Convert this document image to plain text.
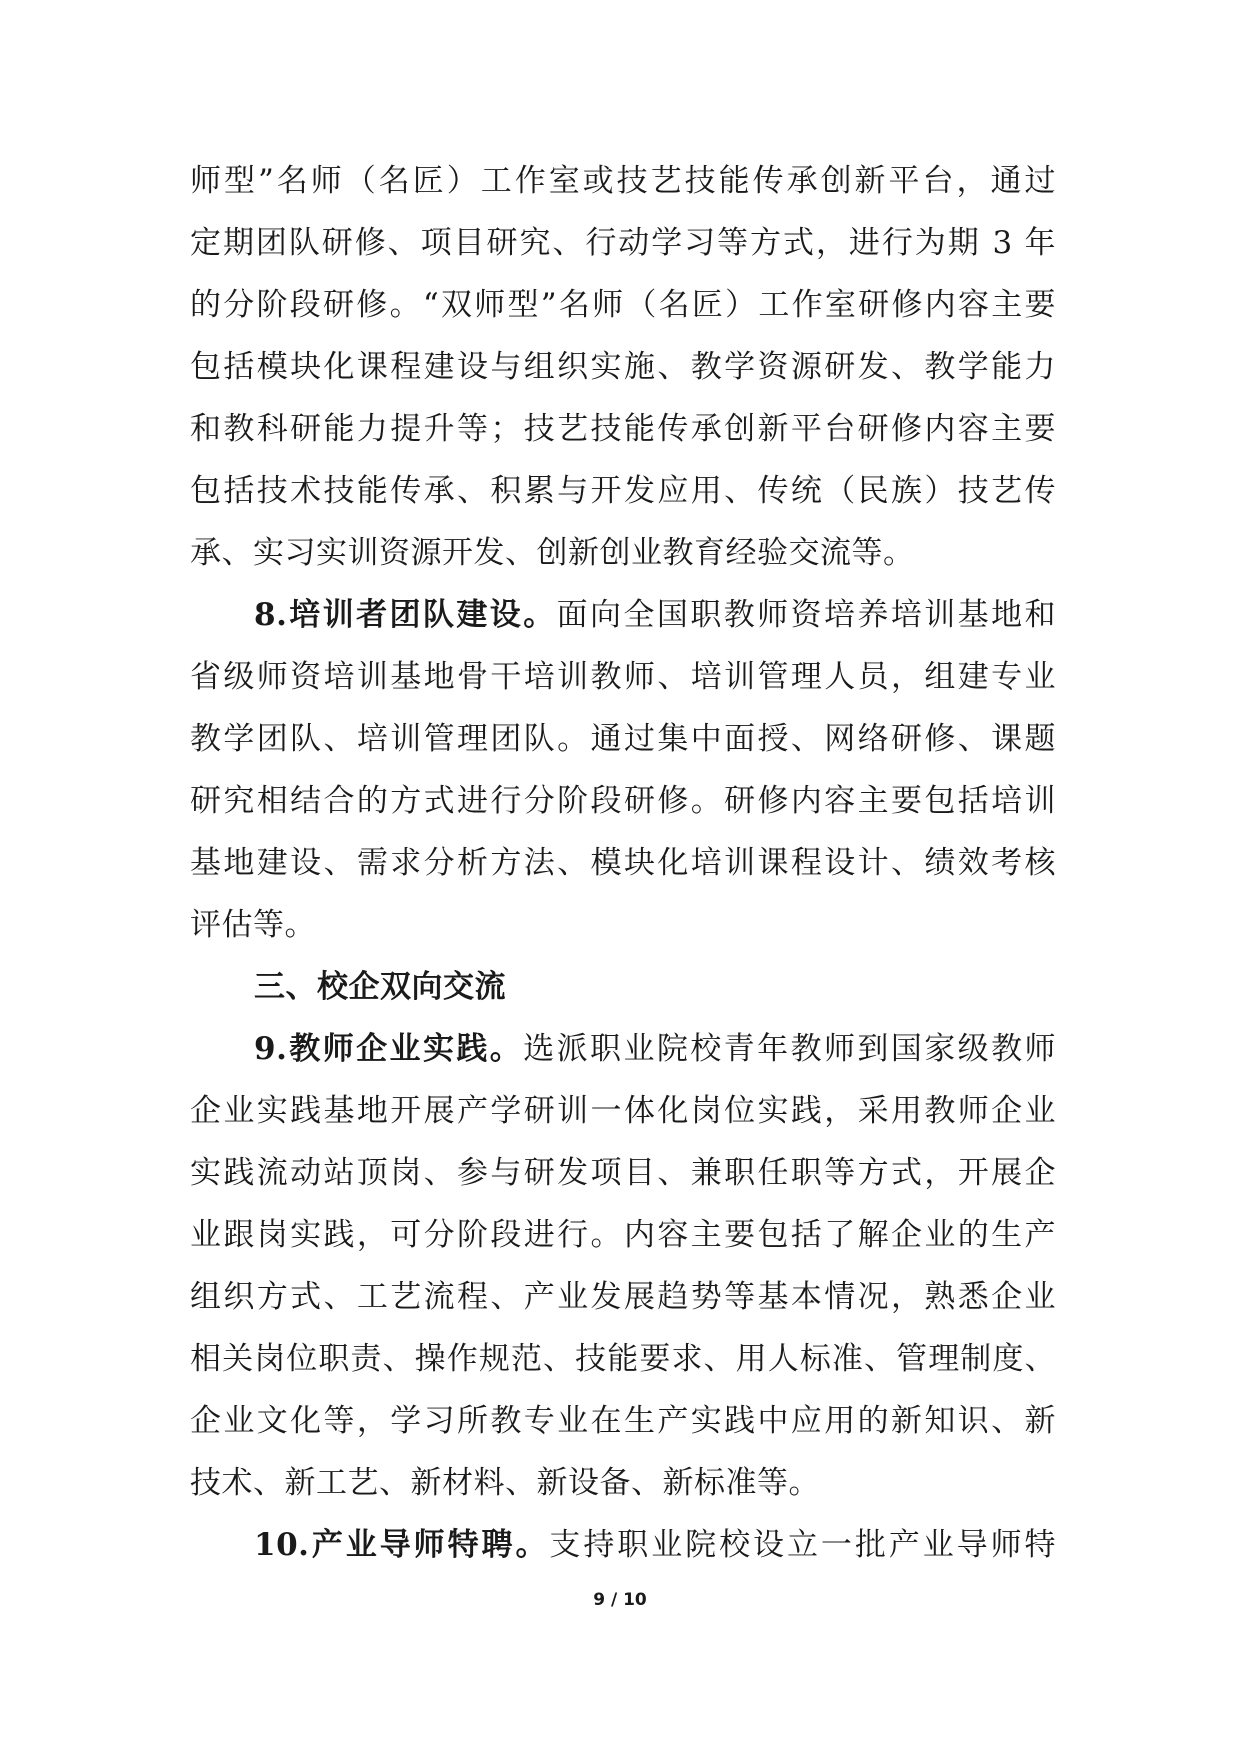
师型”名师（名匠）工作室或技艺技能传承创新平台，通过
定期团队研修、项目研究、行动学习等方式，进行为期 3 年
的分阶段研修。“双师型”名师（名匠）工作室研修内容主要
包括模块化课程建设与组织实施、教学资源研发、教学能力
和教科研能力提升等；技艺技能传承创新平台研修内容主要
包括技术技能传承、积累与开发应用、传统（民族）技艺传
承、实习实训资源开发、创新创业教育经验交流等。
8.培训者团队建设。面向全国职教师资培养培训基地和
省级师资培训基地骨干培训教师、培训管理人员，组建专业
教学团队、培训管理团队。通过集中面授、网络研修、课题
研究相结合的方式进行分阶段研修。研修内容主要包括培训
基地建设、需求分析方法、模块化培训课程设计、绩效考核
评估等。
三、校企双向交流
9.教师企业实践。选派职业院校青年教师到国家级教师
企业实践基地开展产学研训一体化岗位实践，采用教师企业
实践流动站顶岗、参与研发项目、兼职任职等方式，开展企
业跟岗实践，可分阶段进行。内容主要包括了解企业的生产
组织方式、工艺流程、产业发展趋势等基本情况，熟悉企业
相关岗位职责、操作规范、技能要求、用人标准、管理制度、
企业文化等，学习所教专业在生产实践中应用的新知识、新
技术、新工艺、新材料、新设备、新标准等。
10.产业导师特聘。支持职业院校设立一批产业导师特
9 / 10
